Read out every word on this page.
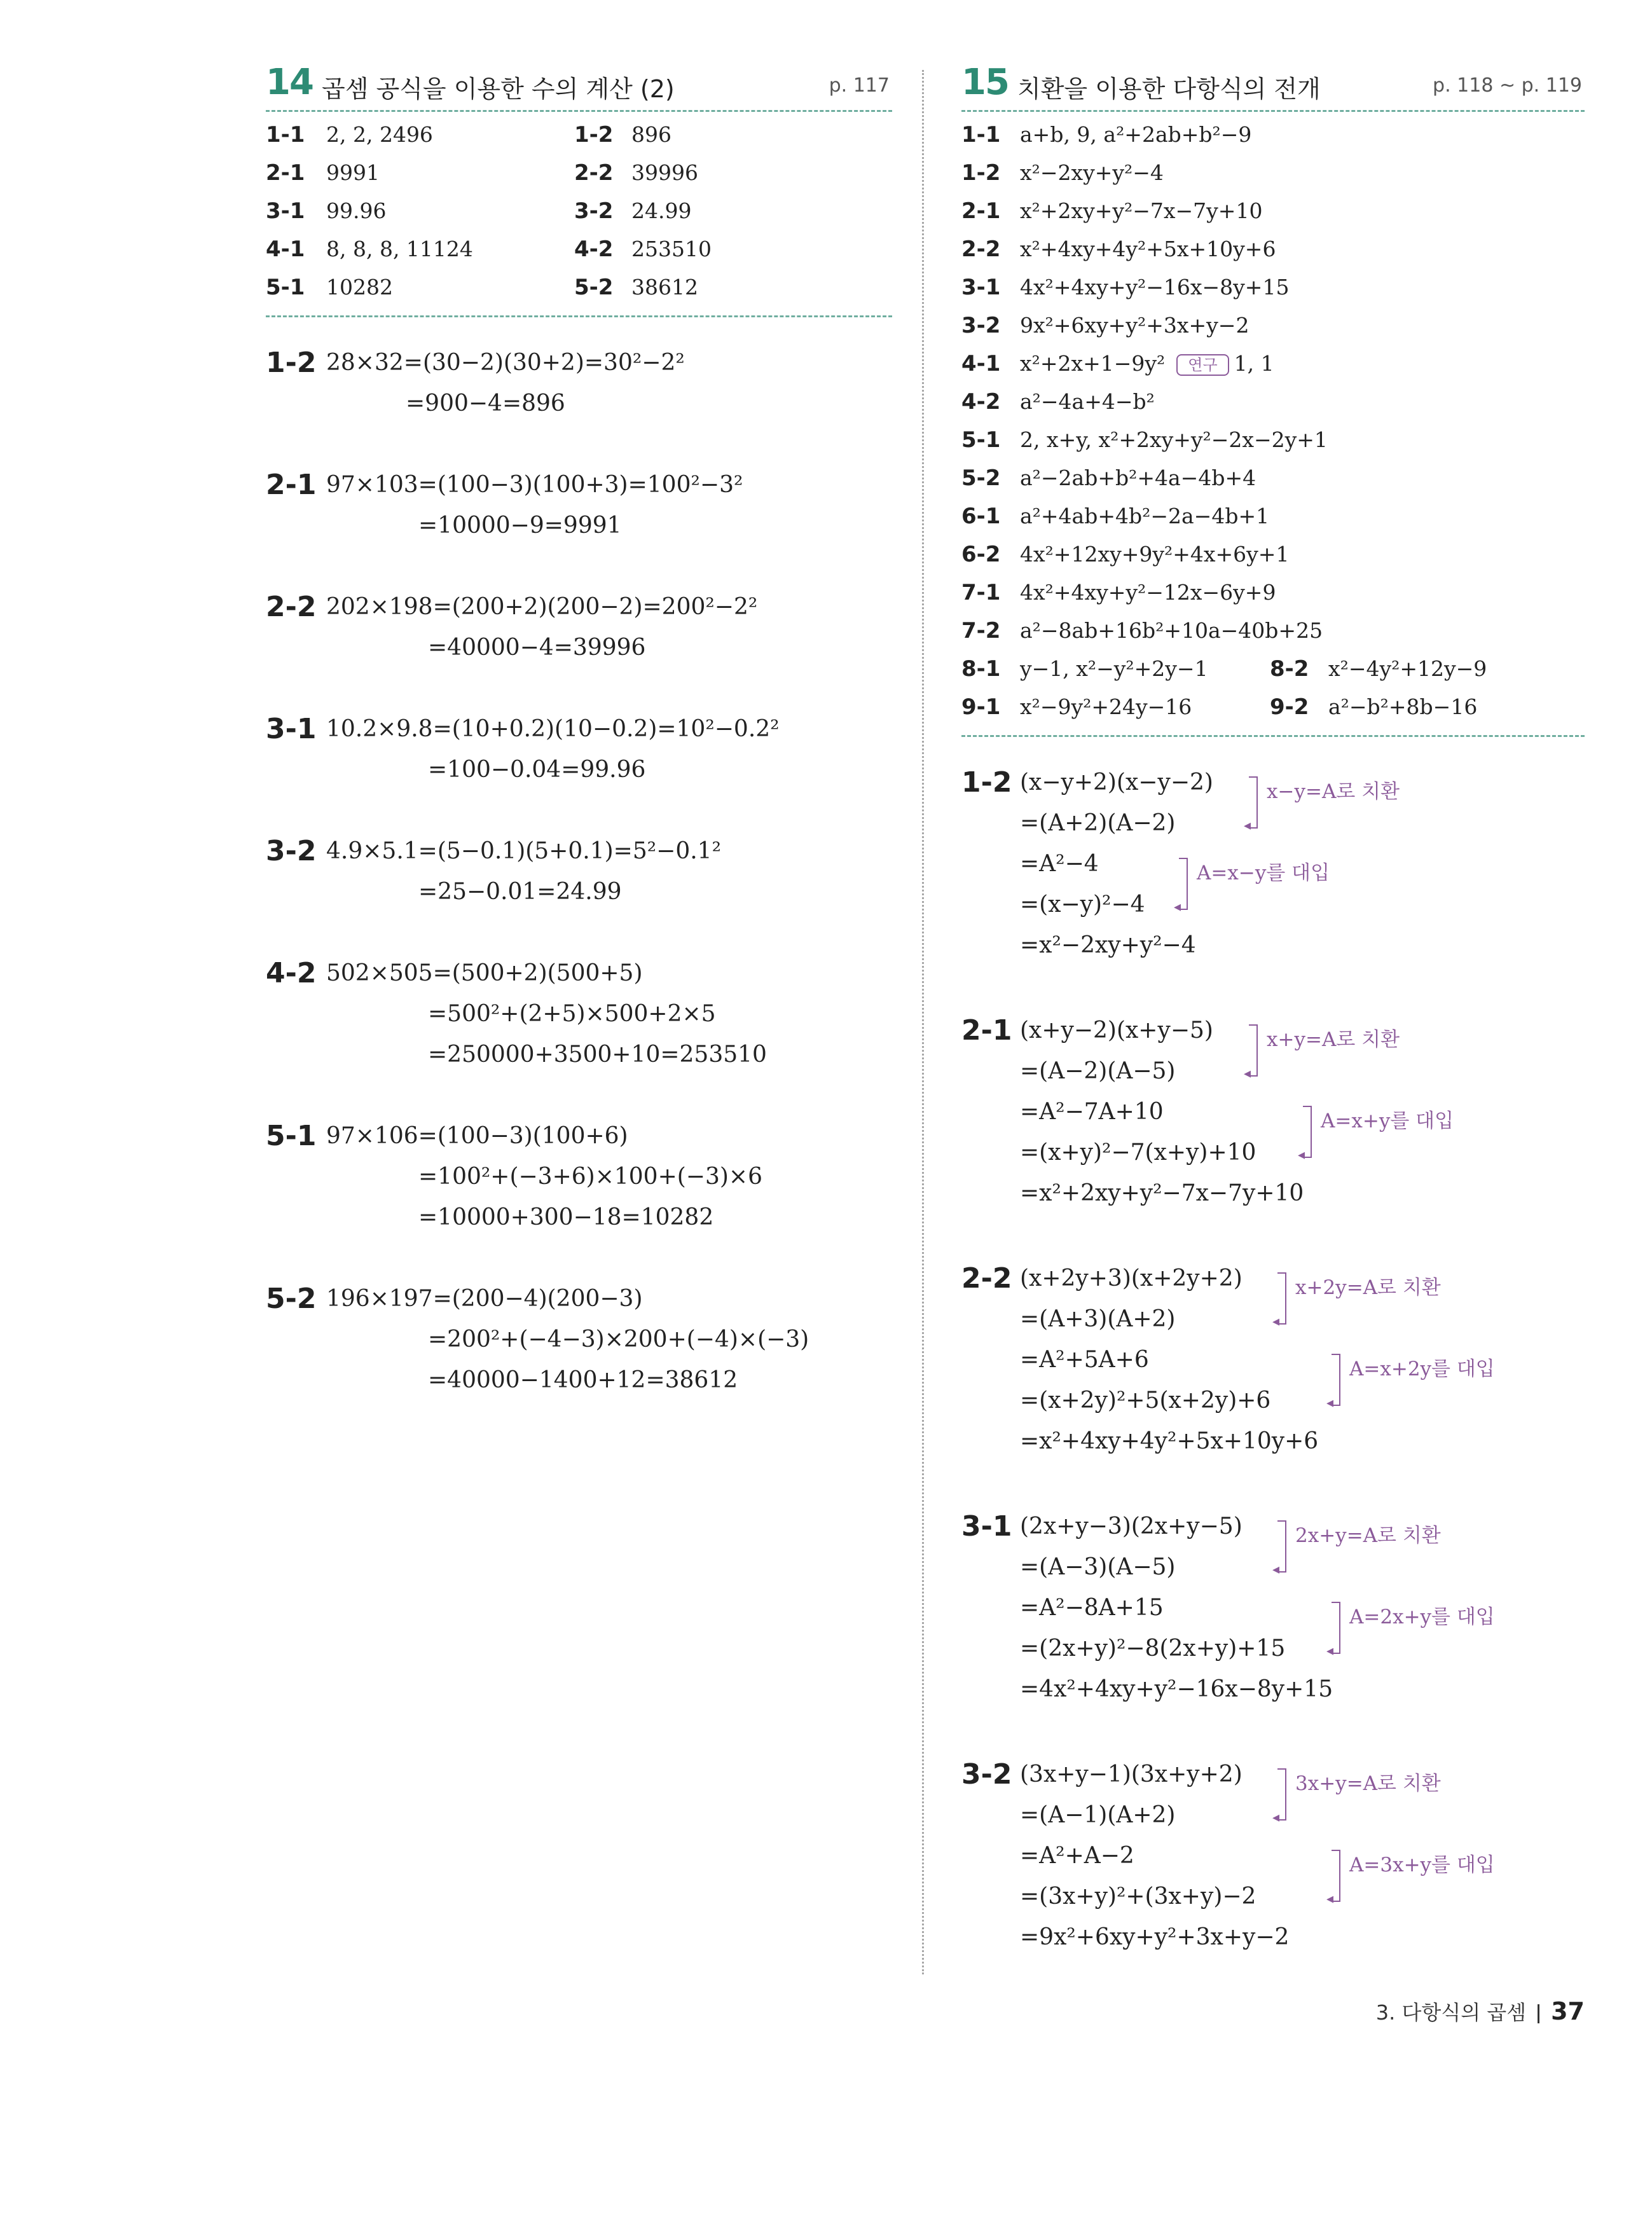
14 곱셈 공식을 이용한 수의 계산 (2)	p. 117
1-1 2, 2, 2496	1-2 896
2-1 9991	2-2 39996
3-1 99.96	3-2 24.99
4-1 8, 8, 8, 11124	4-2 253510
5-1 10282	5-2 38612
1-2 28×32=(30−2)(30+2)=30²−2²
=900−4=896
2-1 97×103=(100−3)(100+3)=100²−3²
=10000−9=9991
2-2 202×198=(200+2)(200−2)=200²−2²
=40000−4=39996
3-1 10.2×9.8=(10+0.2)(10−0.2)=10²−0.2²
=100−0.04=99.96
3-2 4.9×5.1=(5−0.1)(5+0.1)=5²−0.1²
=25−0.01=24.99
4-2 502×505=(500+2)(500+5)
=500²+(2+5)×500+2×5
=250000+3500+10=253510
5-1 97×106=(100−3)(100+6)
=100²+(−3+6)×100+(−3)×6
=10000+300−18=10282
5-2 196×197=(200−4)(200−3)
=200²+(−4−3)×200+(−4)×(−3)
=40000−1400+12=38612
15 치환을 이용한 다항식의 전개	p. 118 ~ p. 119
1-1 a+b, 9, a²+2ab+b²−9
1-2 x²−2xy+y²−4
2-1 x²+2xy+y²−7x−7y+10
2-2 x²+4xy+4y²+5x+10y+6
3-1 4x²+4xy+y²−16x−8y+15
3-2 9x²+6xy+y²+3x+y−2
4-1 x²+2x+1−9y² 연구 1, 1
4-2 a²−4a+4−b²
5-1 2, x+y, x²+2xy+y²−2x−2y+1
5-2 a²−2ab+b²+4a−4b+4
6-1 a²+4ab+4b²−2a−4b+1
6-2 4x²+12xy+9y²+4x+6y+1
7-1 4x²+4xy+y²−12x−6y+9
7-2 a²−8ab+16b²+10a−40b+25
8-1 y−1, x²−y²+2y−1	8-2 x²−4y²+12y−9
9-1 x²−9y²+24y−16	9-2 a²−b²+8b−16
1-2 (x−y+2)(x−y−2)
=(A+2)(A−2)
=A²−4
=(x−y)²−4
=x²−2xy+y²−4
◂
x−y=A로 치환
◂
A=x−y를 대입
2-1 (x+y−2)(x+y−5)
=(A−2)(A−5)
=A²−7A+10
=(x+y)²−7(x+y)+10
=x²+2xy+y²−7x−7y+10
◂
x+y=A로 치환
◂
A=x+y를 대입
2-2 (x+2y+3)(x+2y+2)
=(A+3)(A+2)
=A²+5A+6
=(x+2y)²+5(x+2y)+6
=x²+4xy+4y²+5x+10y+6
◂
x+2y=A로 치환
◂
A=x+2y를 대입
3-1 (2x+y−3)(2x+y−5)
=(A−3)(A−5)
=A²−8A+15
=(2x+y)²−8(2x+y)+15
=4x²+4xy+y²−16x−8y+15
◂
2x+y=A로 치환
◂
A=2x+y를 대입
3-2 (3x+y−1)(3x+y+2)
=(A−1)(A+2)
=A²+A−2
=(3x+y)²+(3x+y)−2
=9x²+6xy+y²+3x+y−2
◂
3x+y=A로 치환
◂
A=3x+y를 대입
3. 다항식의 곱셈 37
